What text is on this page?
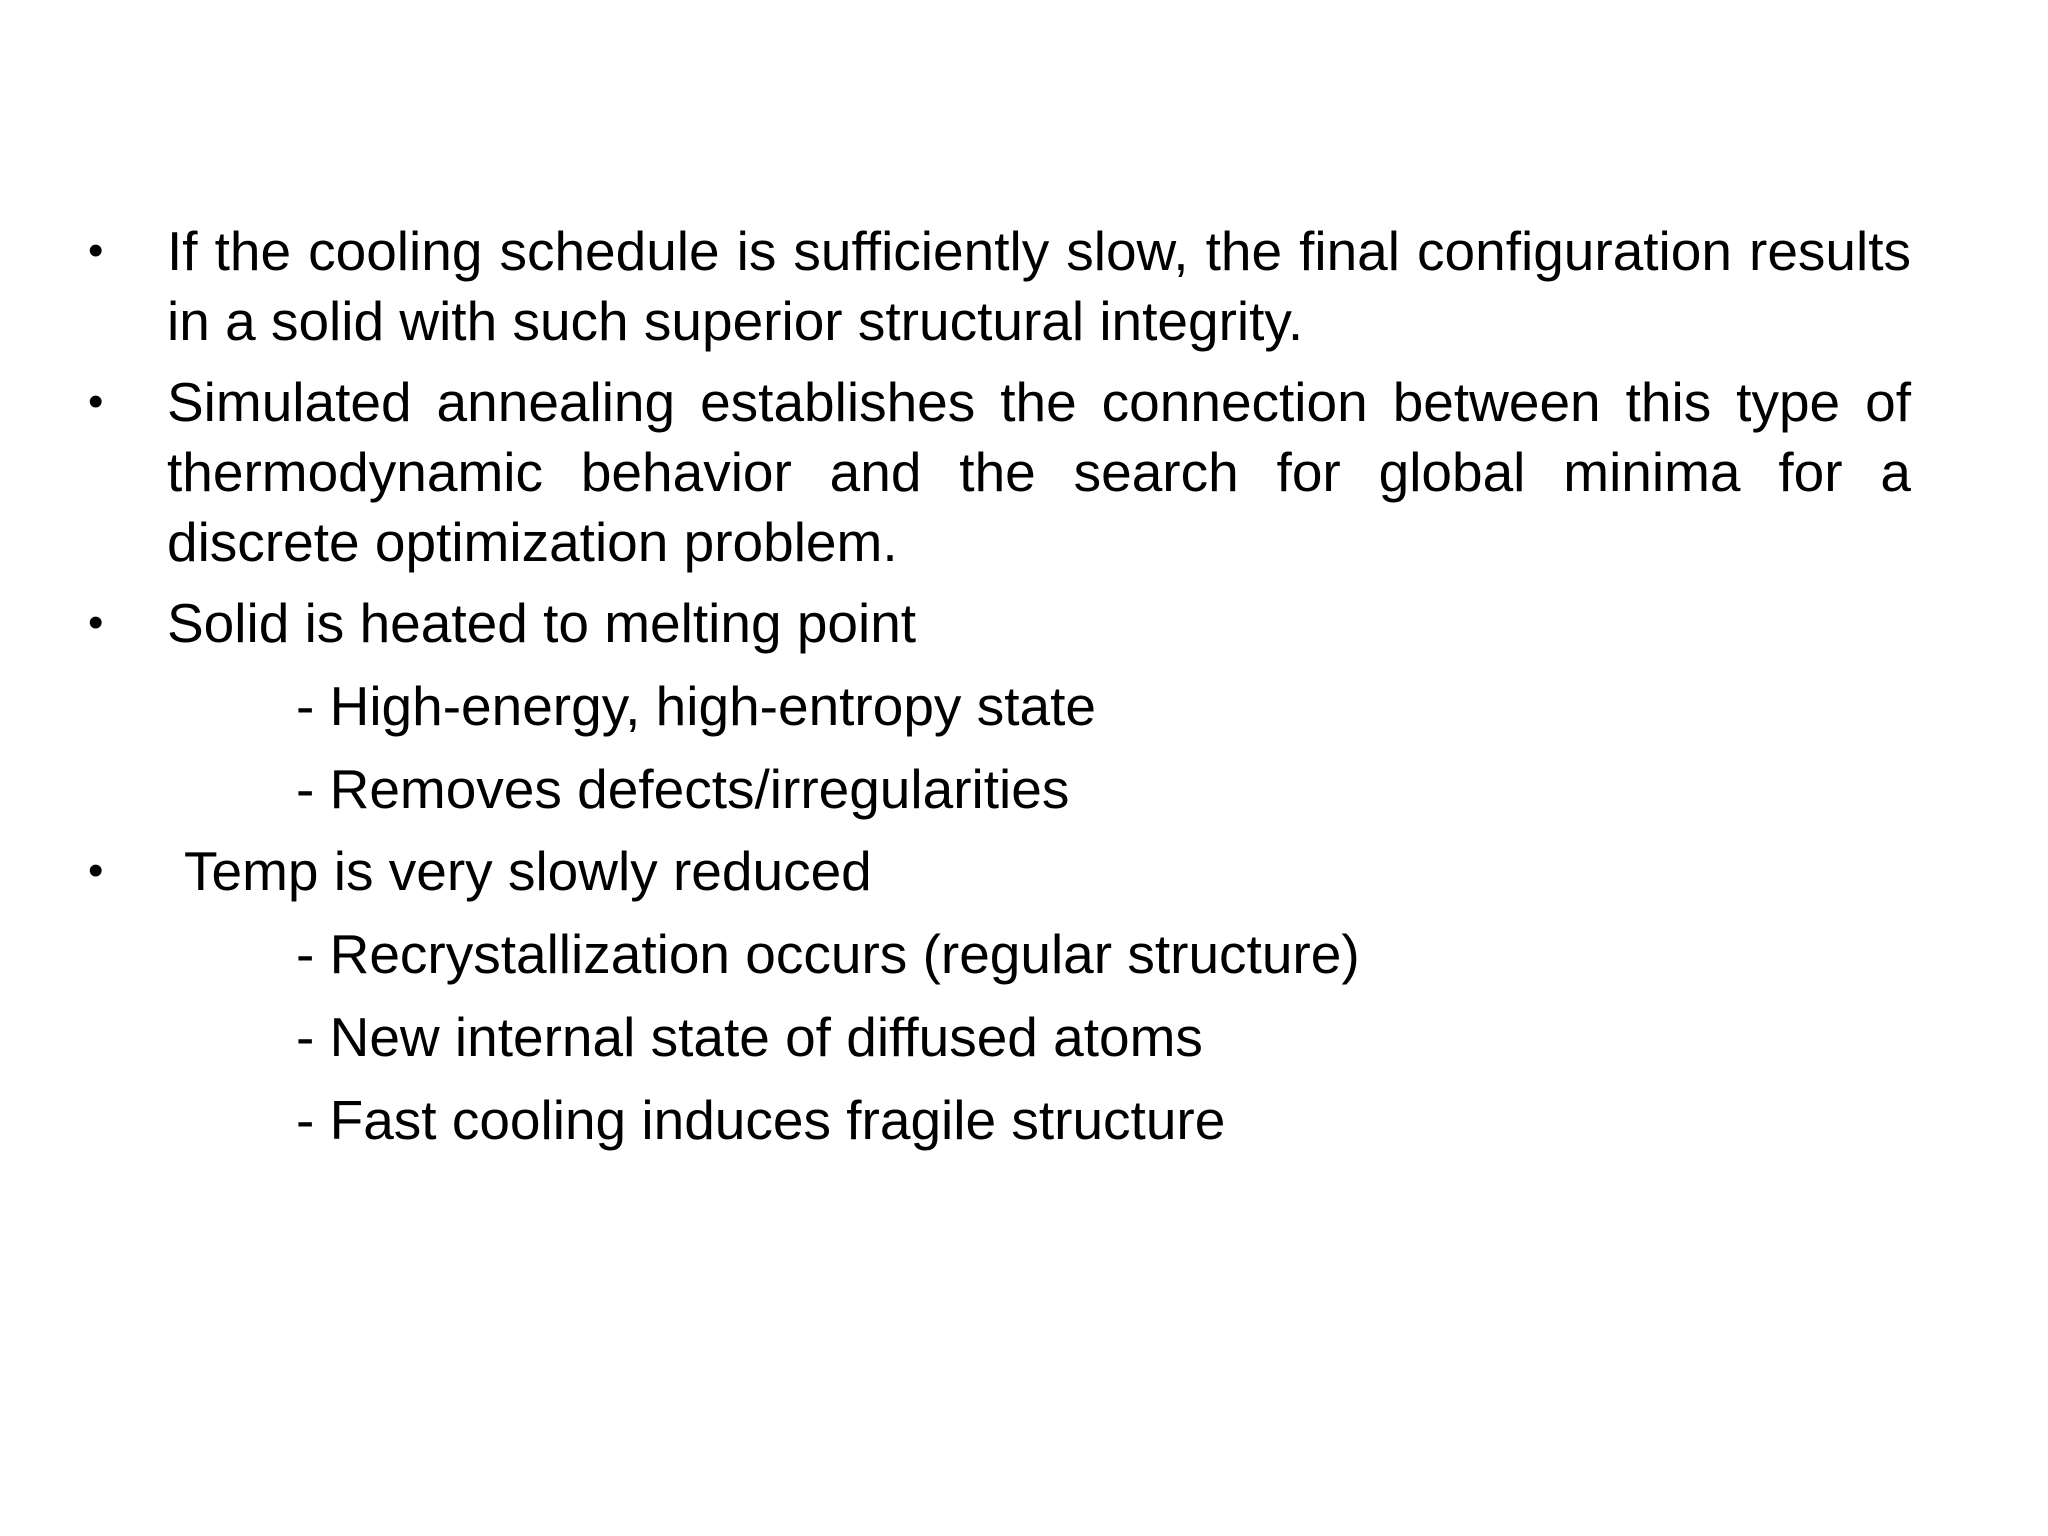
• If the cooling schedule is sufficiently slow, the final configuration results in a solid with such superior structural integrity.
• Simulated annealing establishes the connection between this type of thermodynamic behavior and the search for global minima for a discrete optimization problem.
• Solid is heated to melting point
- High-energy, high-entropy state
- Removes defects/irregularities
• Temp is very slowly reduced
- Recrystallization occurs (regular structure)
- New internal state of diffused atoms
- Fast cooling induces fragile structure
